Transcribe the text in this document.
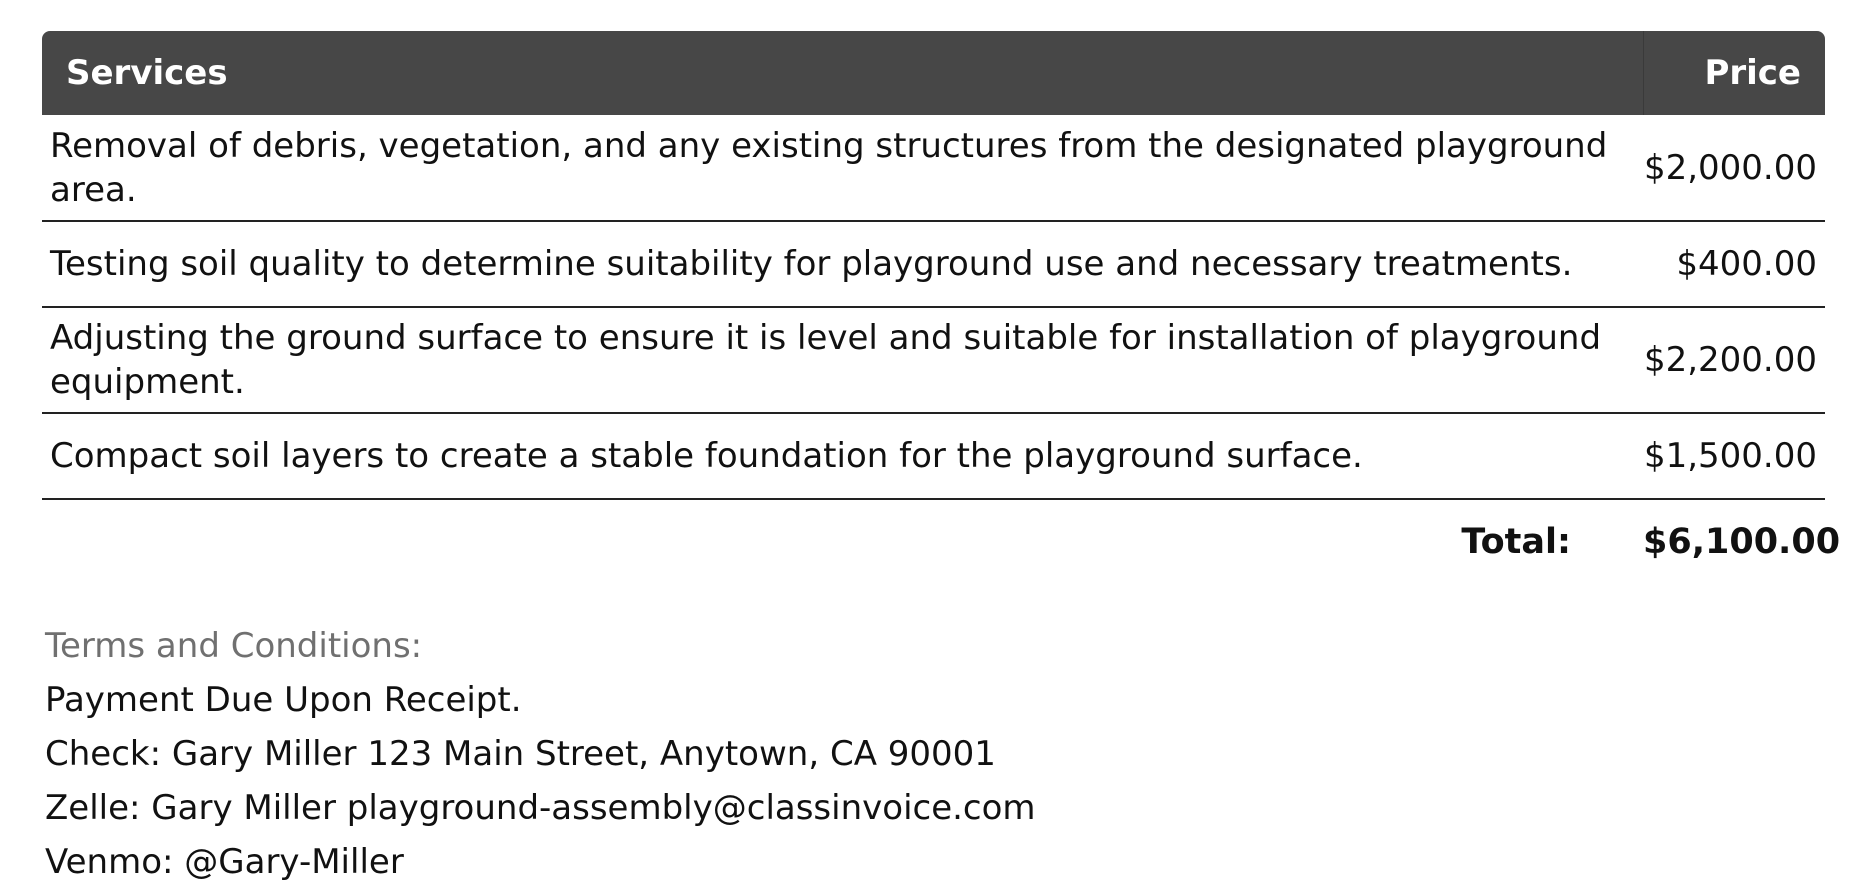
Services	Price
Removal of debris, vegetation, and any existing structures from the designated playground area.	$2,000.00
Testing soil quality to determine suitability for playground use and necessary treatments.	$400.00
Adjusting the ground surface to ensure it is level and suitable for installation of playground equipment.	$2,200.00
Compact soil layers to create a stable foundation for the playground surface.	$1,500.00
Total:	$6,100.00
Terms and Conditions:
Payment Due Upon Receipt.
Check: Gary Miller 123 Main Street, Anytown, CA 90001
Zelle: Gary Miller playground-assembly@classinvoice.com
Venmo: @Gary-Miller
